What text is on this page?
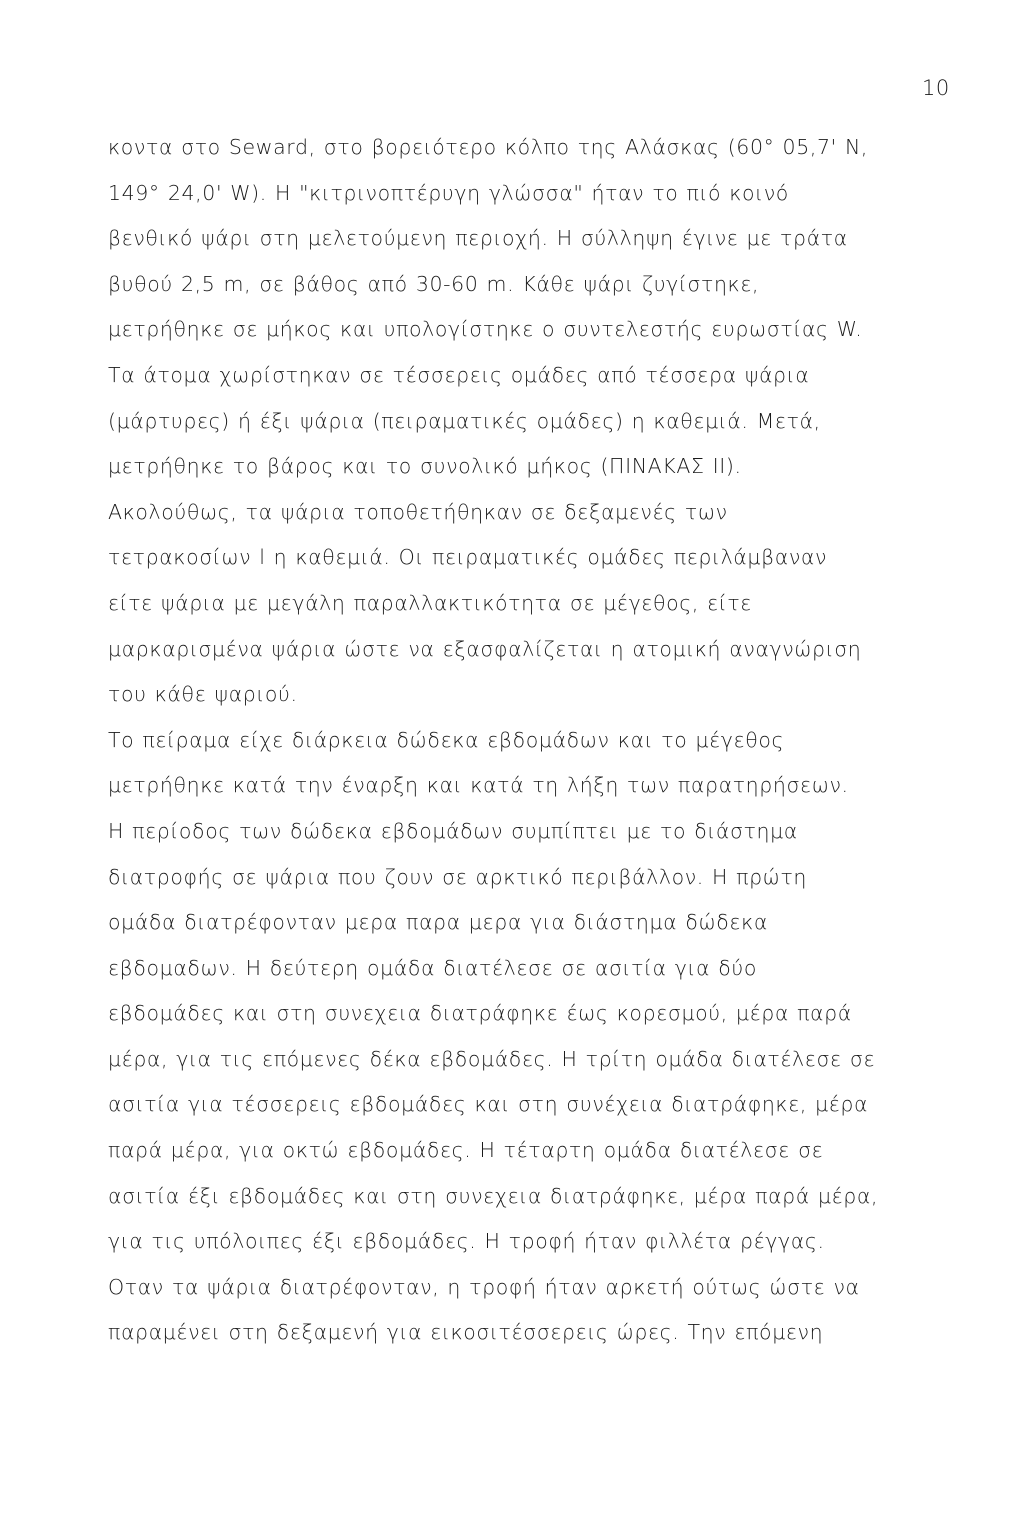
10
κοντα στο Seward, στο βορειότερο κόλπο της Αλάσκας (60° 05,7' N,
149° 24,0' W). Η "κιτρινοπτέρυγη γλώσσα" ήταν το πιό κοινό
βενθικό ψάρι στη μελετούμενη περιοχή. Η σύλληψη έγινε με τράτα
βυθού 2,5 m, σε βάθος από 30-60 m. Κάθε ψάρι ζυγίστηκε,
μετρήθηκε σε μήκος και υπολογίστηκε ο συντελεστής ευρωστίας W.
Τα άτομα χωρίστηκαν σε τέσσερεις ομάδες από τέσσερα ψάρια
(μάρτυρες) ή έξι ψάρια (πειραματικές ομάδες) η καθεμιά. Μετά,
μετρήθηκε το βάρος και το συνολικό μήκος (ΠΙΝΑΚΑΣ ΙΙ).
Ακολούθως, τα ψάρια τοποθετήθηκαν σε δεξαμενές των
τετρακοσίων l η καθεμιά. Οι πειραματικές ομάδες περιλάμβαναν
είτε ψάρια με μεγάλη παραλλακτικότητα σε μέγεθος, είτε
μαρκαρισμένα ψάρια ώστε να εξασφαλίζεται η ατομική αναγνώριση
του κάθε ψαριού.
Το πείραμα είχε διάρκεια δώδεκα εβδομάδων και το μέγεθος
μετρήθηκε κατά την έναρξη και κατά τη λήξη των παρατηρήσεων.
Η περίοδος των δώδεκα εβδομάδων συμπίπτει με το διάστημα
διατροφής σε ψάρια που ζουν σε αρκτικό περιβάλλον. Η πρώτη
ομάδα διατρέφονταν μερα παρα μερα για διάστημα δώδεκα
εβδομαδων. Η δεύτερη ομάδα διατέλεσε σε ασιτία για δύο
εβδομάδες και στη συνεχεια διατράφηκε έως κορεσμού, μέρα παρά
μέρα, για τις επόμενες δέκα εβδομάδες. Η τρίτη ομάδα διατέλεσε σε
ασιτία για τέσσερεις εβδομάδες και στη συνέχεια διατράφηκε, μέρα
παρά μέρα, για οκτώ εβδομάδες. Η τέταρτη ομάδα διατέλεσε σε
ασιτία έξι εβδομάδες και στη συνεχεια διατράφηκε, μέρα παρά μέρα,
για τις υπόλοιπες έξι εβδομάδες. Η τροφή ήταν φιλλέτα ρέγγας.
Οταν τα ψάρια διατρέφονταν, η τροφή ήταν αρκετή ούτως ώστε να
παραμένει στη δεξαμενή για εικοσιτέσσερεις ώρες. Την επόμενη
